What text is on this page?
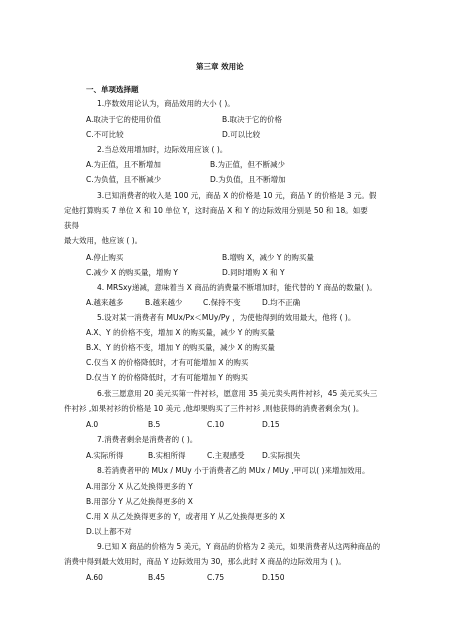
第三章 效用论
一、单项选择题
1.序数效用论认为，商品效用的大小 ( )。
A.取决于它的使用价值	B.取决于它的价格
C.不可比较	D.可以比较
2.当总效用增加时，边际效用应该 ( )。
A.为正值，且不断增加	B.为正值，但不断减少
C.为负值，且不断减少	D.为负值，且不断增加
3.已知消费者的收入是 100 元，商品 X 的价格是 10 元，商品 Y 的价格是 3 元。假
定他打算购买 7 单位 X 和 10 单位 Y，这时商品 X 和 Y 的边际效用分别是 50 和 18。如要
获得
最大效用，他应该 ( )。
A.停止购买	B.增购 X，减少 Y 的购买量
C.减少 X 的购买量，增购 Y	D.同时增购 X 和 Y
4. MRSxy递减，意味着当 X 商品的消费量不断增加时，能代替的 Y 商品的数量( )。
A.越来越多	B.越来越少	C.保持不变	D.均不正确
5.设对某一消费者有 MUx/Px＜MUy/Py ，为使他得到的效用最大，他将 ( )。
A.X、Y 的价格不变，增加 X 的购买量，减少 Y 的购买量
B.X、Y 的价格不变，增加 Y 的购买量，减少 X 的购买量
C.仅当 X 的价格降低时，才有可能增加 X 的购买
D.仅当 Y 的价格降低时，才有可能增加 Y 的购买
6.张三愿意用 20 美元买第一件衬衫，愿意用 35 美元卖头两件衬衫，45 美元买头三
件衬衫 ,如果衬衫的价格是 10 美元 ,他却果购买了三件衬衫 ,则他获得的消费者剩余为( )。
A.0	B.5	C.10	D.15
7.消费者剩余是消费者的 ( )。
A.实际所得	B.实相所得	C.主观感受 D.实际损失
8.若消费者甲的 MUx / MUy 小于消费者乙的 MUx / MUy ,甲可以( )来增加效用。
A.用部分 X 从乙处换得更多的 Y
B.用部分 Y 从乙处换得更多的 X
C.用 X 从乙处换得更多的 Y，或者用 Y 从乙处换得更多的 X
D.以上都不对
9.已知 X 商品的价格为 5 美元，Y 商品的价格为 2 美元，如果消费者从这两种商品的
消费中得到最大效用时，商品 Y 边际效用为 30，那么此时 X 商品的边际效用为 ( )。
A.60	B.45	C.75	D.150
